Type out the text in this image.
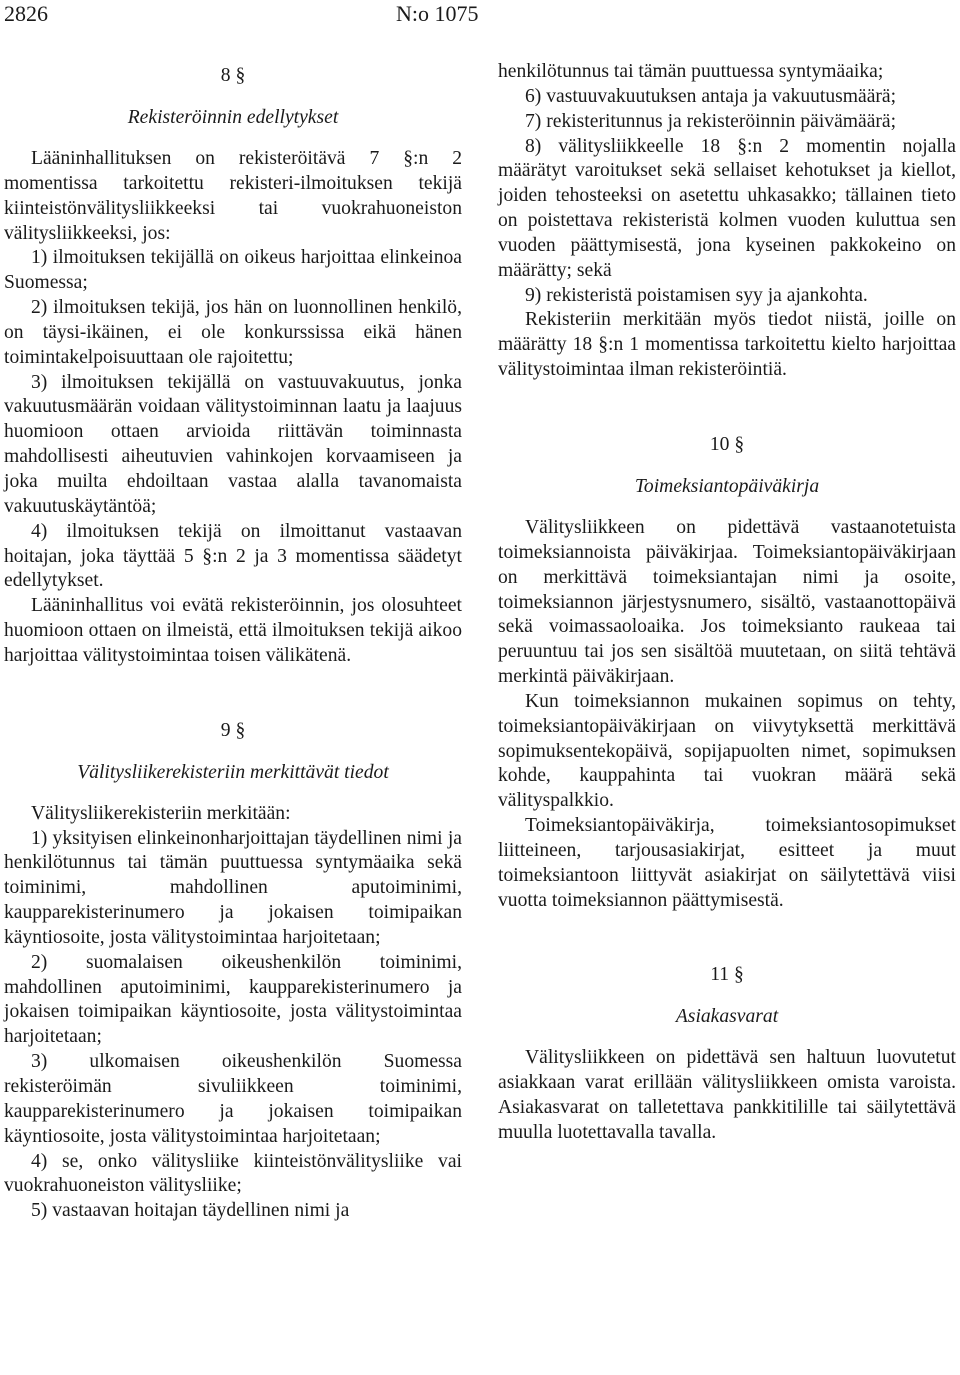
2826	N:o 1075
8 §
Rekisteröinnin edellytykset

Lääninhallituksen on rekisteröitävä 7 §:n 2 momentissa tarkoitettu rekisteri-ilmoituksen tekijä kiinteistönvälitysliikkeeksi tai vuokrahuoneiston välitysliikkeeksi, jos:

1) ilmoituksen tekijällä on oikeus harjoittaa elinkeinoa Suomessa;

2) ilmoituksen tekijä, jos hän on luonnollinen henkilö, on täysi-ikäinen, ei ole konkurssissa eikä hänen toimintakelpoisuuttaan ole rajoitettu;

3) ilmoituksen tekijällä on vastuuvakuutus, jonka vakuutusmäärän voidaan välitystoiminnan laatu ja laajuus huomioon ottaen arvioida riittävän toiminnasta mahdollisesti aiheutuvien vahinkojen korvaamiseen ja joka muilta ehdoiltaan vastaa alalla tavanomaista vakuutuskäytäntöä;

4) ilmoituksen tekijä on ilmoittanut vastaavan hoitajan, joka täyttää 5 §:n 2 ja 3 momentissa säädetyt edellytykset.

Lääninhallitus voi evätä rekisteröinnin, jos olosuhteet huomioon ottaen on ilmeistä, että ilmoituksen tekijä aikoo harjoittaa välitystoimintaa toisen välikätenä.

9 §
Välitysliikerekisteriin merkittävät tiedot

Välitysliikerekisteriin merkitään:

1) yksityisen elinkeinonharjoittajan täydellinen nimi ja henkilötunnus tai tämän puuttuessa syntymäaika sekä toiminimi, mahdollinen aputoiminimi, kaupparekisterinumero ja jokaisen toimipaikan käyntiosoite, josta välitystoimintaa harjoitetaan;

2) suomalaisen oikeushenkilön toiminimi, mahdollinen aputoiminimi, kaupparekisterinumero ja jokaisen toimipaikan käyntiosoite, josta välitystoimintaa harjoitetaan;

3) ulkomaisen oikeushenkilön Suomessa rekisteröimän sivuliikkeen toiminimi, kaupparekisterinumero ja jokaisen toimipaikan käyntiosoite, josta välitystoimintaa harjoitetaan;

4) se, onko välitysliike kiinteistönvälitysliike vai vuokrahuoneiston välitysliike;

5) vastaavan hoitajan täydellinen nimi ja

henkilötunnus tai tämän puuttuessa syntymäaika;

6) vastuuvakuutuksen antaja ja vakuutusmäärä;

7) rekisteritunnus ja rekisteröinnin päivämäärä;

8) välitysliikkeelle 18 §:n 2 momentin nojalla määrätyt varoitukset sekä sellaiset kehotukset ja kiellot, joiden tehosteeksi on asetettu uhkasakko; tällainen tieto on poistettava rekisteristä kolmen vuoden kuluttua sen vuoden päättymisestä, jona kyseinen pakkokeino on määrätty; sekä

9) rekisteristä poistamisen syy ja ajankohta.

Rekisteriin merkitään myös tiedot niistä, joille on määrätty 18 §:n 1 momentissa tarkoitettu kielto harjoittaa välitystoimintaa ilman rekisteröintiä.

10 §
Toimeksiantopäiväkirja

Välitysliikkeen on pidettävä vastaanotetuista toimeksiannoista päiväkirjaa. Toimeksiantopäiväkirjaan on merkittävä toimeksiantajan nimi ja osoite, toimeksiannon järjestysnumero, sisältö, vastaanottopäivä sekä voimassaoloaika. Jos toimeksianto raukeaa tai peruuntuu tai jos sen sisältöä muutetaan, on siitä tehtävä merkintä päiväkirjaan.

Kun toimeksiannon mukainen sopimus on tehty, toimeksiantopäiväkirjaan on viivytyksettä merkittävä sopimuksentekopäivä, sopijapuolten nimet, sopimuksen kohde, kauppahinta tai vuokran määrä sekä välityspalkkio.

Toimeksiantopäiväkirja, toimeksiantosopimukset liitteineen, tarjousasiakirjat, esitteet ja muut toimeksiantoon liittyvät asiakirjat on säilytettävä viisi vuotta toimeksiannon päättymisestä.

11 §
Asiakasvarat

Välitysliikkeen on pidettävä sen haltuun luovutetut asiakkaan varat erillään välitysliikkeen omista varoista. Asiakasvarat on talletettava pankkitilille tai säilytettävä muulla luotettavalla tavalla.
